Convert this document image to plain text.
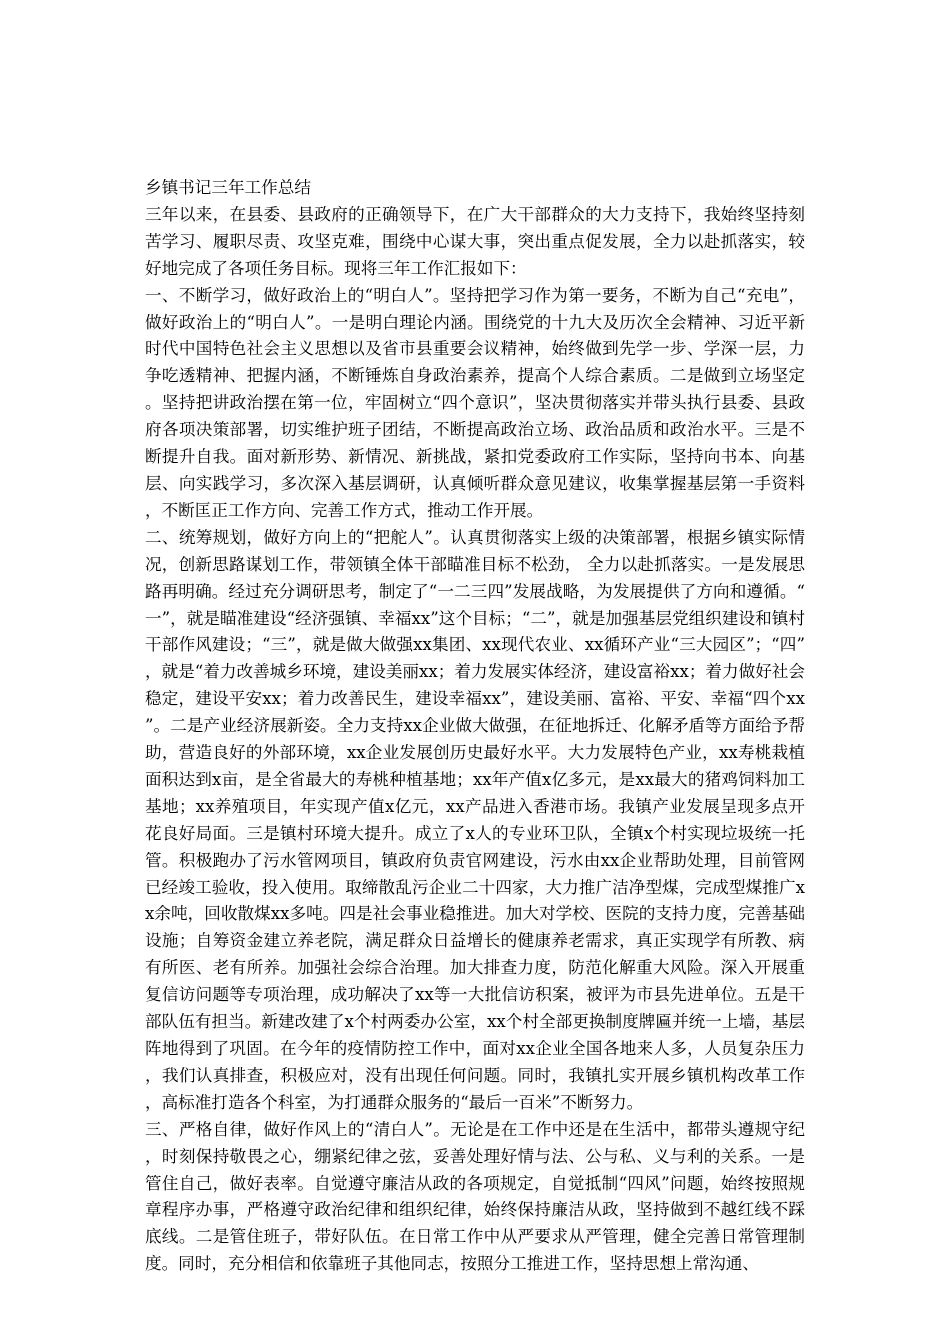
乡镇书记三年工作总结

三年以来，在县委、县政府的正确领导下，在广大干部群众的大力支持下，我始终坚持刻苦学习、履职尽责、攻坚克难，围绕中心谋大事，突出重点促发展，全力以赴抓落实，较好地完成了各项任务目标。现将三年工作汇报如下：

一、不断学习，做好政治上的“明白人”。坚持把学习作为第一要务，不断为自己“充电”，做好政治上的“明白人”。一是明白理论内涵。围绕党的十九大及历次全会精神、习近平新时代中国特色社会主义思想以及省市县重要会议精神，始终做到先学一步、学深一层，力争吃透精神、把握内涵，不断锤炼自身政治素养，提高个人综合素质。二是做到立场坚定。坚持把讲政治摆在第一位，牢固树立“四个意识”，坚决贯彻落实并带头执行县委、县政府各项决策部署，切实维护班子团结，不断提高政治立场、政治品质和政治水平。三是不断提升自我。面对新形势、新情况、新挑战，紧扣党委政府工作实际，坚持向书本、向基层、向实践学习，多次深入基层调研，认真倾听群众意见建议，收集掌握基层第一手资料，不断匡正工作方向、完善工作方式，推动工作开展。

二、统筹规划，做好方向上的“把舵人”。认真贯彻落实上级的决策部署，根据乡镇实际情况，创新思路谋划工作，带领镇全体干部瞄准目标不松劲， 全力以赴抓落实。一是发展思路再明确。经过充分调研思考，制定了“一二三四”发展战略，为发展提供了方向和遵循。“一”，就是瞄准建设“经济强镇、幸福xx”这个目标；“二”，就是加强基层党组织建设和镇村干部作风建设；“三”，就是做大做强xx集团、xx现代农业、xx循环产业“三大园区”；“四”，就是“着力改善城乡环境，建设美丽xx；着力发展实体经济，建设富裕xx；着力做好社会稳定，建设平安xx；着力改善民生，建设幸福xx”，建设美丽、富裕、平安、幸福“四个xx”。二是产业经济展新姿。全力支持xx企业做大做强，在征地拆迁、化解矛盾等方面给予帮助，营造良好的外部环境，xx企业发展创历史最好水平。大力发展特色产业，xx寿桃栽植面积达到x亩，是全省最大的寿桃种植基地；xx年产值x亿多元，是xx最大的猪鸡饲料加工基地；xx养殖项目，年实现产值x亿元，xx产品进入香港市场。我镇产业发展呈现多点开花良好局面。三是镇村环境大提升。成立了x人的专业环卫队，全镇x个村实现垃圾统一托管。积极跑办了污水管网项目，镇政府负责官网建设，污水由xx企业帮助处理，目前管网已经竣工验收，投入使用。取缔散乱污企业二十四家，大力推广洁净型煤，完成型煤推广xx余吨，回收散煤xx多吨。四是社会事业稳推进。加大对学校、医院的支持力度，完善基础设施；自筹资金建立养老院，满足群众日益增长的健康养老需求，真正实现学有所教、病有所医、老有所养。加强社会综合治理。加大排查力度，防范化解重大风险。深入开展重复信访问题等专项治理，成功解决了xx等一大批信访积案，被评为市县先进单位。五是干部队伍有担当。新建改建了x个村两委办公室，xx个村全部更换制度牌匾并统一上墙，基层阵地得到了巩固。在今年的疫情防控工作中，面对xx企业全国各地来人多，人员复杂压力，我们认真排查，积极应对，没有出现任何问题。同时，我镇扎实开展乡镇机构改革工作，高标准打造各个科室，为打通群众服务的“最后一百米”不断努力。

三、严格自律，做好作风上的“清白人”。无论是在工作中还是在生活中，都带头遵规守纪，时刻保持敬畏之心，绷紧纪律之弦，妥善处理好情与法、公与私、义与利的关系。一是管住自己，做好表率。自觉遵守廉洁从政的各项规定，自觉抵制“四风”问题，始终按照规章程序办事，严格遵守政治纪律和组织纪律，始终保持廉洁从政，坚持做到不越红线不踩底线。二是管住班子，带好队伍。在日常工作中从严要求从严管理，健全完善日常管理制度。同时，充分相信和依靠班子其他同志，按照分工推进工作，坚持思想上常沟通、
